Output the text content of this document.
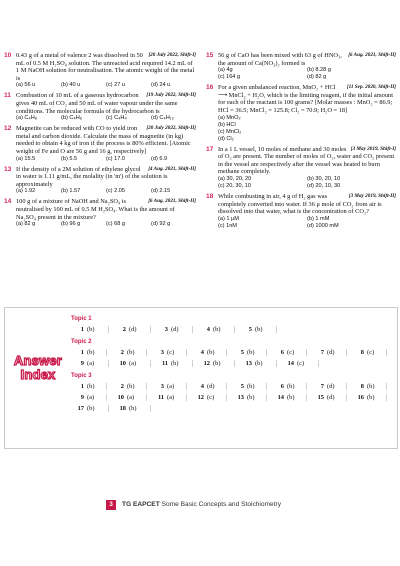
10	[20 July 2022, Shift-I]
0.43 g of a metal of valence 2 was dissolved in 50 mL of 0.5 M H₂SO₄ solution. The unreacted acid required 14.2 mL of 1 M NaOH solution for neutralisation. The atomic weight of the metal is
(a) 56 u	(b) 40 u	(c) 27 u	(d) 24 u
11	[19 July 2022, Shift-II]
Combustion of 10 mL of a gaseous hydrocarbon gives 40 mL of CO₂ and 50 mL of water vapour under the same conditions. The molecular formula of the hydrocarbon is
(a) C₄H₈	(b) C₄H₆	(c) C₄H₄	(d) C₄H₁₀
12	[20 July 2022, Shift-II]
Magnetite can be reduced with CO to yield iron metal and carbon dioxide. Calculate the mass of magnetite (in kg) needed to obtain 4 kg of iron if the process is 80% efficient. [Atomic weight of Fe and O are 56 g and 16 g, respectively]
(a) 15.5	(b) 5.5	(c) 17.0	(d) 6.9
13	[4 Aug. 2021, Shift-II]
If the density of a 2M solution of ethylene glycol in water is 1.11 g/mL, the molality (in 'm') of the solution is approximately
(a) 1.92	(b) 1.57	(c) 2.05	(d) 2.15
14	[6 Aug. 2021, Shift-II]
100 g of a mixture of NaOH and Na₂SO₄ is neutralised by 100 mL of 0.5 M H₂SO₄. What is the amount of Na₂SO₄ present in the mixture?
(a) 82 g	(b) 96 g	(c) 68 g	(d) 92 g
15	[6 Aug. 2021, Shift-II]
56 g of CaO has been mixed with 63 g of HNO₃, the amount of Ca(NO₃)₂ formed is
(a) 4g	(b) 8.28 g
(c) 164 g	(d) 82 g
16	[11 Sep. 2020, Shift-II]
For a given unbalanced reaction, MnO₂ + HCl ⟶ MnCl₂ + H₂O, which is the limiting reagent, if the initial amount for each of the reactant is 100 grams? [Molar masses : MnO₂ = 86.9; HCl = 36.5; MnCl₂ = 125.8; Cl₂ = 70.9; H₂O = 18]
(a) MnO₂
(b) HCl
(c) MnCl₂
(d) Cl₂
17	[3 May 2019, Shift-I]
In a 1 L vessel, 10 moles of methane and 30 moles of O₂ are present. The number of moles of O₂, water and CO₂ present in the vessel are respectively after the vessel was heated to burn methane completely.
(a) 30, 20, 20	(b) 30, 20, 10
(c) 20, 30, 10	(d) 20, 10, 30
18	[3 May 2019, Shift-II]
While combusting in air, 4 g of H₂ gas was completely converted into water. If 36 μ mole of CO₂ from air is dissolved into that water, what is the concentration of CO₂?
(a) 1 μM	(b) 1 mM
(c) 1nM	(d) 1000 mM
Answer
Index
Topic 1
1 (b)	2 (d)	3 (d)	4 (b)	5 (b)
Topic 2
1 (b)	2 (b)	3 (c)	4 (b)	5 (b)	6 (c)	7 (d)	8 (c)
9 (a)	10 (a)	11 (b)	12 (b)	13 (b)	14 (c)
Topic 3
1 (b)	2 (b)	3 (a)	4 (d)	5 (b)	6 (b)	7 (d)	8 (b)
9 (a)	10 (a)	11 (a)	12 (c)	13 (b)	14 (b)	15 (d)	16 (b)
17 (b)	18 (b)
3	TG EAPCET Some Basic Concepts and Stoichiometry
